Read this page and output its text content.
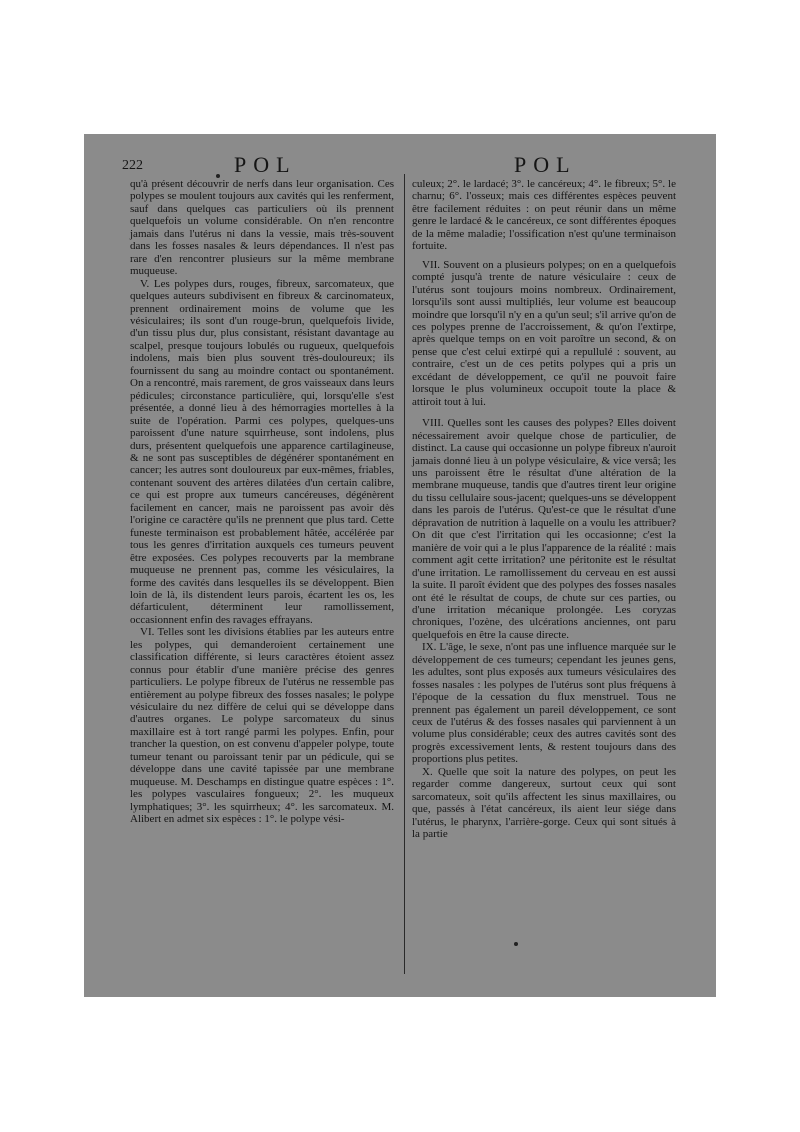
222	POL	POL

qu'à présent découvrir de nerfs dans leur organisation. Ces polypes se moulent toujours aux cavités qui les renferment, sauf dans quelques cas particuliers où ils prennent quelquefois un volume considérable. On n'en rencontre jamais dans l'utérus ni dans la vessie, mais très-souvent dans les fosses nasales & leurs dépendances. Il n'est pas rare d'en rencontrer plusieurs sur la même membrane muqueuse.

V. Les polypes durs, rouges, fibreux, sarcomateux, que quelques auteurs subdivisent en fibreux & carcinomateux, prennent ordinairement moins de volume que les vésiculaires; ils sont d'un rouge-brun, quelquefois livide, d'un tissu plus dur, plus consistant, résistant davantage au scalpel, presque toujours lobulés ou rugueux, quelquefois indolens, mais bien plus souvent très-douloureux; ils fournissent du sang au moindre contact ou spontanément. On a rencontré, mais rarement, de gros vaisseaux dans leurs pédicules; circonstance particulière, qui, lorsqu'elle s'est présentée, a donné lieu à des hémorragies mortelles à la suite de l'opération. Parmi ces polypes, quelques-uns paroissent d'une nature squirrheuse, sont indolens, plus durs, présentent quelquefois une apparence cartilagineuse, & ne sont pas susceptibles de dégénérer spontanément en cancer; les autres sont douloureux par eux-mêmes, friables, contenant souvent des artères dilatées d'un certain calibre, ce qui est propre aux tumeurs cancéreuses, dégénèrent facilement en cancer, mais ne paroissent pas avoir dès l'origine ce caractère qu'ils ne prennent que plus tard. Cette funeste terminaison est probablement hâtée, accélérée par tous les genres d'irritation auxquels ces tumeurs peuvent être exposées. Ces polypes recouverts par la membrane muqueuse ne prennent pas, comme les vésiculaires, la forme des cavités dans lesquelles ils se développent. Bien loin de là, ils distendent leurs parois, écartent les os, les défarticulent, déterminent leur ramollissement, occasionnent enfin des ravages effrayans.

VI. Telles sont les divisions établies par les auteurs entre les polypes, qui demanderoient certainement une classification différente, si leurs caractères étoient assez connus pour établir d'une manière précise des genres particuliers. Le polype fibreux de l'utérus ne ressemble pas entièrement au polype fibreux des fosses nasales; le polype vésiculaire du nez diffère de celui qui se développe dans d'autres organes. Le polype sarcomateux du sinus maxillaire est à tort rangé parmi les polypes. Enfin, pour trancher la question, on est convenu d'appeler polype, toute tumeur tenant ou paroissant tenir par un pédicule, qui se développe dans une cavité tapissée par une membrane muqueuse. M. Deschamps en distingue quatre espèces : 1°. les polypes vasculaires fongueux; 2°. les muqueux lymphatiques; 3°. les squirrheux; 4°. les sarcomateux. M. Alibert en admet six espèces : 1°. le polype vési-

culeux; 2°. le lardacé; 3°. le cancéreux; 4°. le fibreux; 5°. le charnu; 6°. l'osseux; mais ces différentes espèces peuvent être facilement réduites : on peut réunir dans un même genre le lardacé & le cancéreux, ce sont différentes époques de la même maladie; l'ossification n'est qu'une terminaison fortuite.

VII. Souvent on a plusieurs polypes; on en a quelquefois compté jusqu'à trente de nature vésiculaire : ceux de l'utérus sont toujours moins nombreux. Ordinairement, lorsqu'ils sont aussi multipliés, leur volume est beaucoup moindre que lorsqu'il n'y en a qu'un seul; s'il arrive qu'on de ces polypes prenne de l'accroissement, & qu'on l'extirpe, après quelque temps on en voit paroître un second, & on pense que c'est celui extirpé qui a repullulé : souvent, au contraire, c'est un de ces petits polypes qui a pris un excédant de développement, ce qu'il ne pouvoit faire lorsque le plus volumineux occupoit toute la place & attiroit tout à lui.

VIII. Quelles sont les causes des polypes? Elles doivent nécessairement avoir quelque chose de particulier, de distinct. La cause qui occasionne un polype fibreux n'auroit jamais donné lieu à un polype vésiculaire, & vice versâ; les uns paroissent être le résultat d'une altération de la membrane muqueuse, tandis que d'autres tirent leur origine du tissu cellulaire sous-jacent; quelques-uns se développent dans les parois de l'utérus. Qu'est-ce que le résultat d'une dépravation de nutrition à laquelle on a voulu les attribuer? On dit que c'est l'irritation qui les occasionne; c'est la manière de voir qui a le plus l'apparence de la réalité : mais comment agit cette irritation? une péritonite est le résultat d'une irritation. Le ramollissement du cerveau en est aussi la suite. Il paroît évident que des polypes des fosses nasales ont été le résultat de coups, de chute sur ces parties, ou d'une irritation mécanique prolongée. Les coryzas chroniques, l'ozène, des ulcérations anciennes, ont paru quelquefois en être la cause directe.

IX. L'âge, le sexe, n'ont pas une influence marquée sur le développement de ces tumeurs; cependant les jeunes gens, les adultes, sont plus exposés aux tumeurs vésiculaires des fosses nasales : les polypes de l'utérus sont plus fréquens à l'époque de la cessation du flux menstruel. Tous ne prennent pas également un pareil développement, ce sont ceux de l'utérus & des fosses nasales qui parviennent à un volume plus considérable; ceux des autres cavités sont des progrès excessivement lents, & restent toujours dans des proportions plus petites.

X. Quelle que soit la nature des polypes, on peut les regarder comme dangereux, surtout ceux qui sont sarcomateux, soit qu'ils affectent les sinus maxillaires, ou que, passés à l'état cancéreux, ils aient leur siége dans l'utérus, le pharynx, l'arrière-gorge. Ceux qui sont situés à la partie
